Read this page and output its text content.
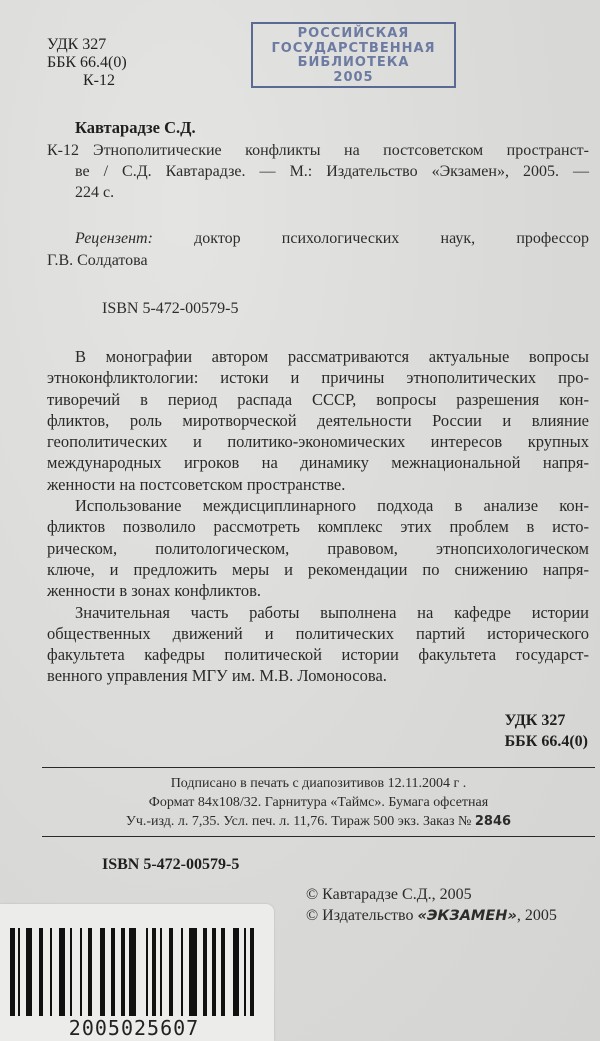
УДК 327
ББК 66.4(0)
К-12
РОССИЙСКАЯ
ГОСУДАРСТВЕННАЯ
БИБЛИОТЕКА
2005
Кавтарадзе С.Д.
К-12 Этнополитические конфликты на постсоветском пространст-
ве / С.Д. Кавтарадзе. — М.: Издательство «Экзамен», 2005. —
224 с.
Рецензент:	доктор	психологических	наук,	профессор
Г.В. Солдатова
ISBN 5-472-00579-5
В монографии автором рассматриваются актуальные вопросы
этноконфликтологии: истоки и причины этнополитических про-
тиворечий в период распада СССР, вопросы разрешения кон-
фликтов, роль миротворческой деятельности России и влияние
геополитических и политико-экономических интересов крупных
международных игроков на динамику межнациональной напря-
женности на постсоветском пространстве.
Использование междисциплинарного подхода в анализе кон-
фликтов позволило рассмотреть комплекс этих проблем в исто-
рическом, политологическом, правовом, этнопсихологическом
ключе, и предложить меры и рекомендации по снижению напря-
женности в зонах конфликтов.
Значительная часть работы выполнена на кафедре истории
общественных движений и политических партий исторического
факультета кафедры политической истории факультета государст-
венного управления МГУ им. М.В. Ломоносова.
УДК 327
ББК 66.4(0)
Подписано в печать с диапозитивов 12.11.2004 г .
Формат 84х108/32. Гарнитура «Таймс». Бумага офсетная
Уч.-изд. л. 7,35. Усл. печ. л. 11,76. Тираж 500 экз. Заказ № 2846
ISBN 5-472-00579-5
© Кавтарадзе С.Д., 2005
© Издательство «ЭКЗАМЕН», 2005
2005025607
